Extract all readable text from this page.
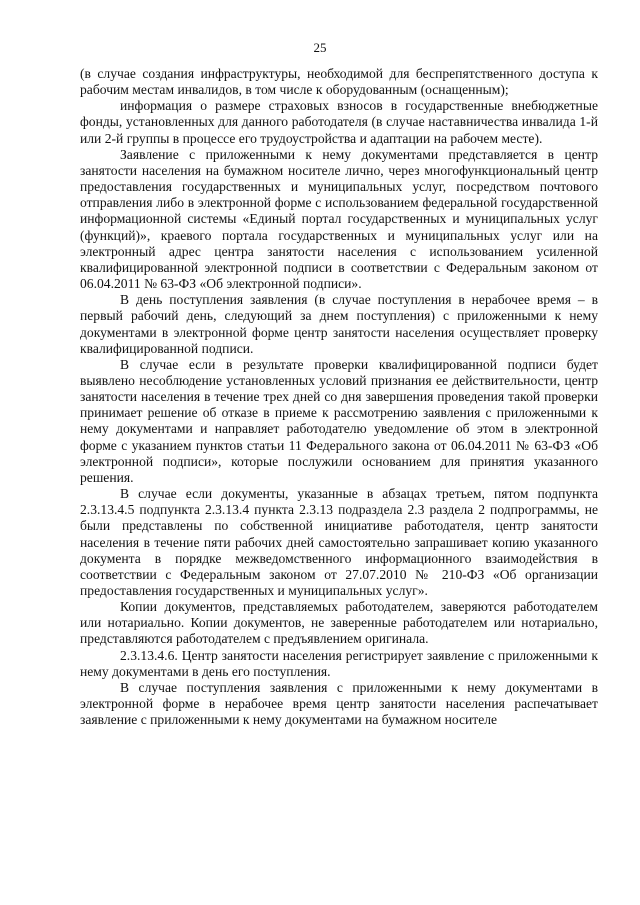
25

(в случае создания инфраструктуры, необходимой для беспрепятственного доступа к рабочим местам инвалидов, в том числе к оборудованным (оснащенным);

информация о размере страховых взносов в государственные внебюджетные фонды, установленных для данного работодателя (в случае наставничества инвалида 1-й или 2-й группы в процессе его трудоустройства и адаптации на рабочем месте).

Заявление с приложенными к нему документами представляется в центр занятости населения на бумажном носителе лично, через многофункциональный центр предоставления государственных и муниципальных услуг, посредством почтового отправления либо в электронной форме с использованием федеральной государственной информационной системы «Единый портал государственных и муниципальных услуг (функций)», краевого портала государственных и муниципальных услуг или на электронный адрес центра занятости населения с использованием усиленной квалифицированной электронной подписи в соответствии с Федеральным законом от 06.04.2011 № 63-ФЗ «Об электронной подписи».

В день поступления заявления (в случае поступления в нерабочее время – в первый рабочий день, следующий за днем поступления) с приложенными к нему документами в электронной форме центр занятости населения осуществляет проверку квалифицированной подписи.

В случае если в результате проверки квалифицированной подписи будет выявлено несоблюдение установленных условий признания ее действительности, центр занятости населения в течение трех дней со дня завершения проведения такой проверки принимает решение об отказе в приеме к рассмотрению заявления с приложенными к нему документами и направляет работодателю уведомление об этом в электронной форме с указанием пунктов статьи 11 Федерального закона от 06.04.2011 № 63-ФЗ «Об электронной подписи», которые послужили основанием для принятия указанного решения.

В случае если документы, указанные в абзацах третьем, пятом подпункта 2.3.13.4.5 подпункта 2.3.13.4 пункта 2.3.13 подраздела 2.3 раздела 2 подпрограммы, не были представлены по собственной инициативе работодателя, центр занятости населения в течение пяти рабочих дней самостоятельно запрашивает копию указанного документа в порядке межведомственного информационного взаимодействия в соответствии с Федеральным законом от 27.07.2010 № 210-ФЗ «Об организации предоставления государственных и муниципальных услуг».

Копии документов, представляемых работодателем, заверяются работодателем или нотариально. Копии документов, не заверенные работодателем или нотариально, представляются работодателем с предъявлением оригинала.

2.3.13.4.6. Центр занятости населения регистрирует заявление с приложенными к нему документами в день его поступления.

В случае поступления заявления с приложенными к нему документами в электронной форме в нерабочее время центр занятости населения распечатывает заявление с приложенными к нему документами на бумажном носителе
